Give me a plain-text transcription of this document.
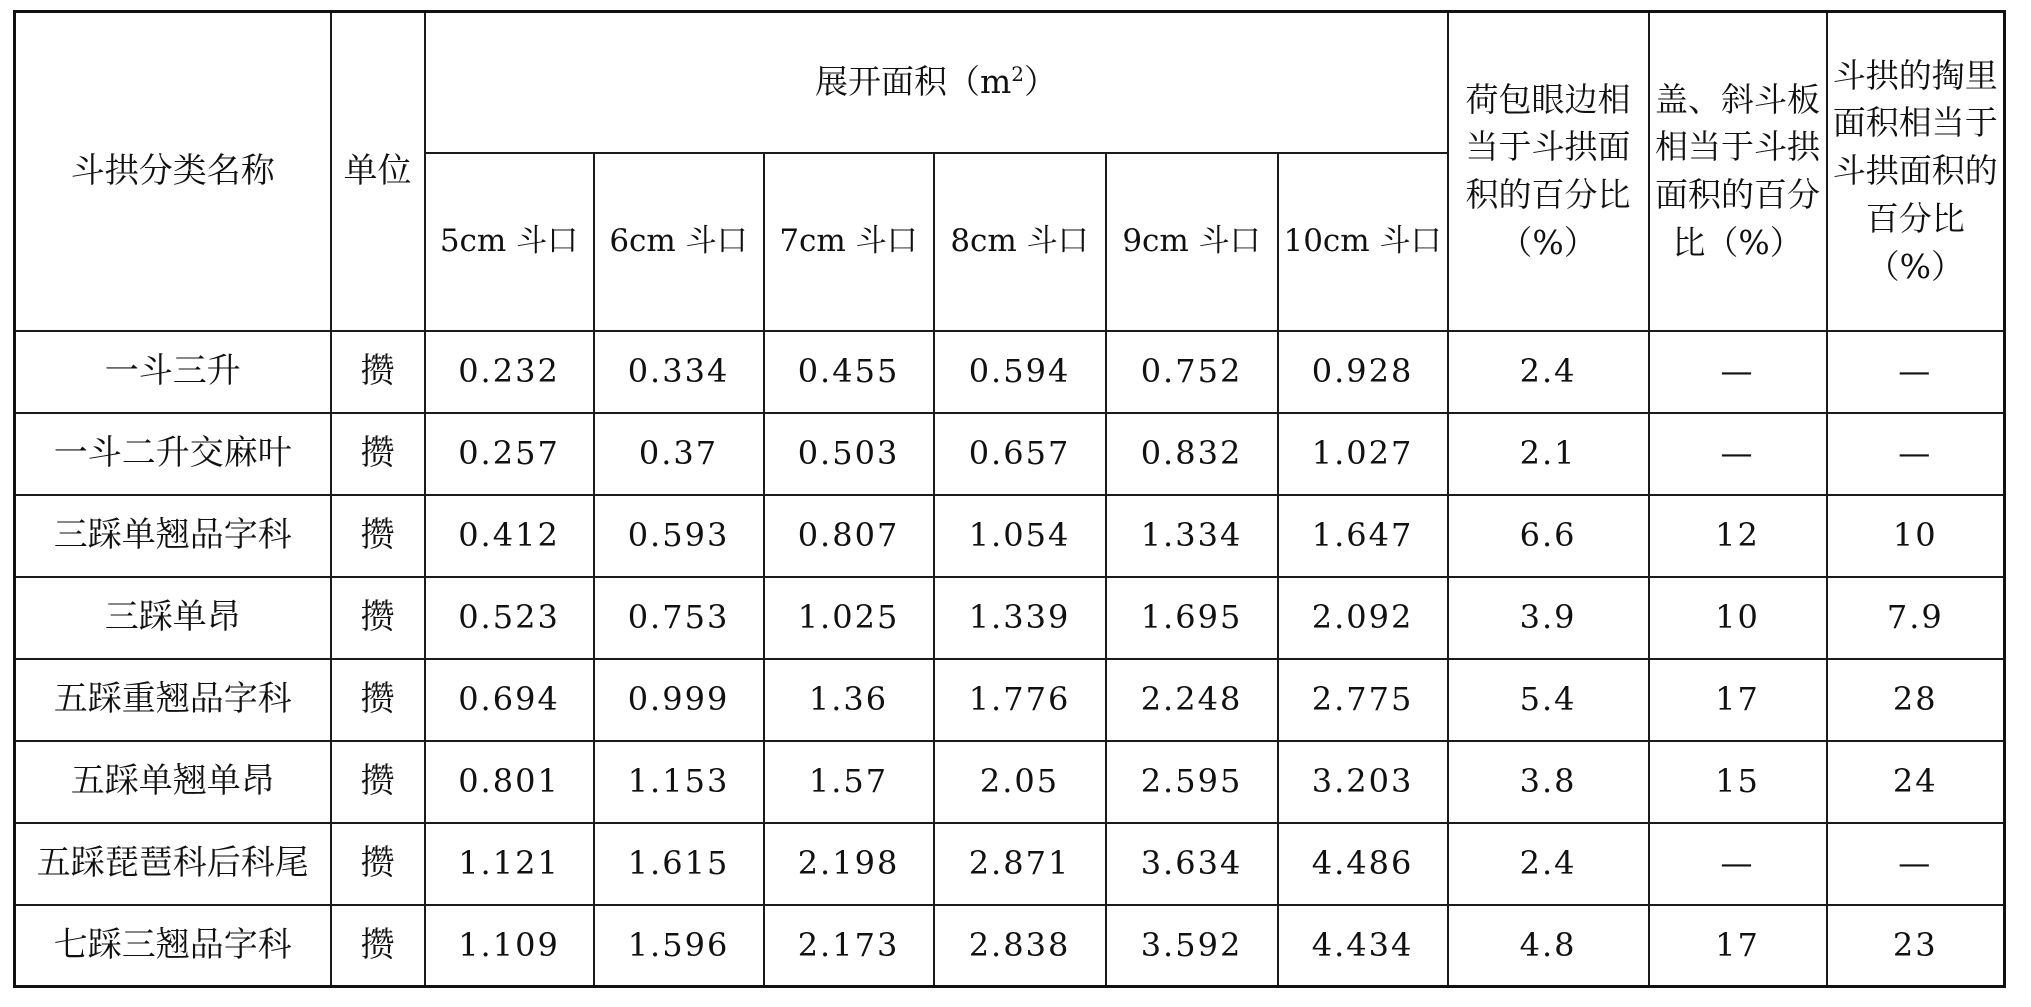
斗拱分类名称	单位	展开面积$(m^2)$						荷包眼边相当于斗拱面积的百分比（%）	盖、斜斗板相当于斗拱面积的百分比（%）	斗拱的掏里面积相当于斗拱面积的百分比（%）
		5cm 斗口	6cm 斗口	7cm 斗口	8cm 斗口	9cm 斗口	10cm 斗口			
一斗三升	攒	0.232	0.334	0.455	0.594	0.752	0.928	2.4	—	—
一斗二升交麻叶	攒	0.257	0.37	0.503	0.657	0.832	1.027	2.1	—	—
三踩单翘品字科	攒	0.412	0.593	0.807	1.054	1.334	1.647	6.6	12	10
三踩单昂	攒	0.523	0.753	1.025	1.339	1.695	2.092	3.9	10	7.9
五踩重翘品字科	攒	0.694	0.999	1.36	1.776	2.248	2.775	5.4	17	28
五踩单翘单昂	攒	0.801	1.153	1.57	2.05	2.595	3.203	3.8	15	24
五踩琵琶科后科尾	攒	1.121	1.615	2.198	2.871	3.634	4.486	2.4	—	—
七踩三翘品字科	攒	1.109	1.596	2.173	2.838	3.592	4.434	4.8	17	23
